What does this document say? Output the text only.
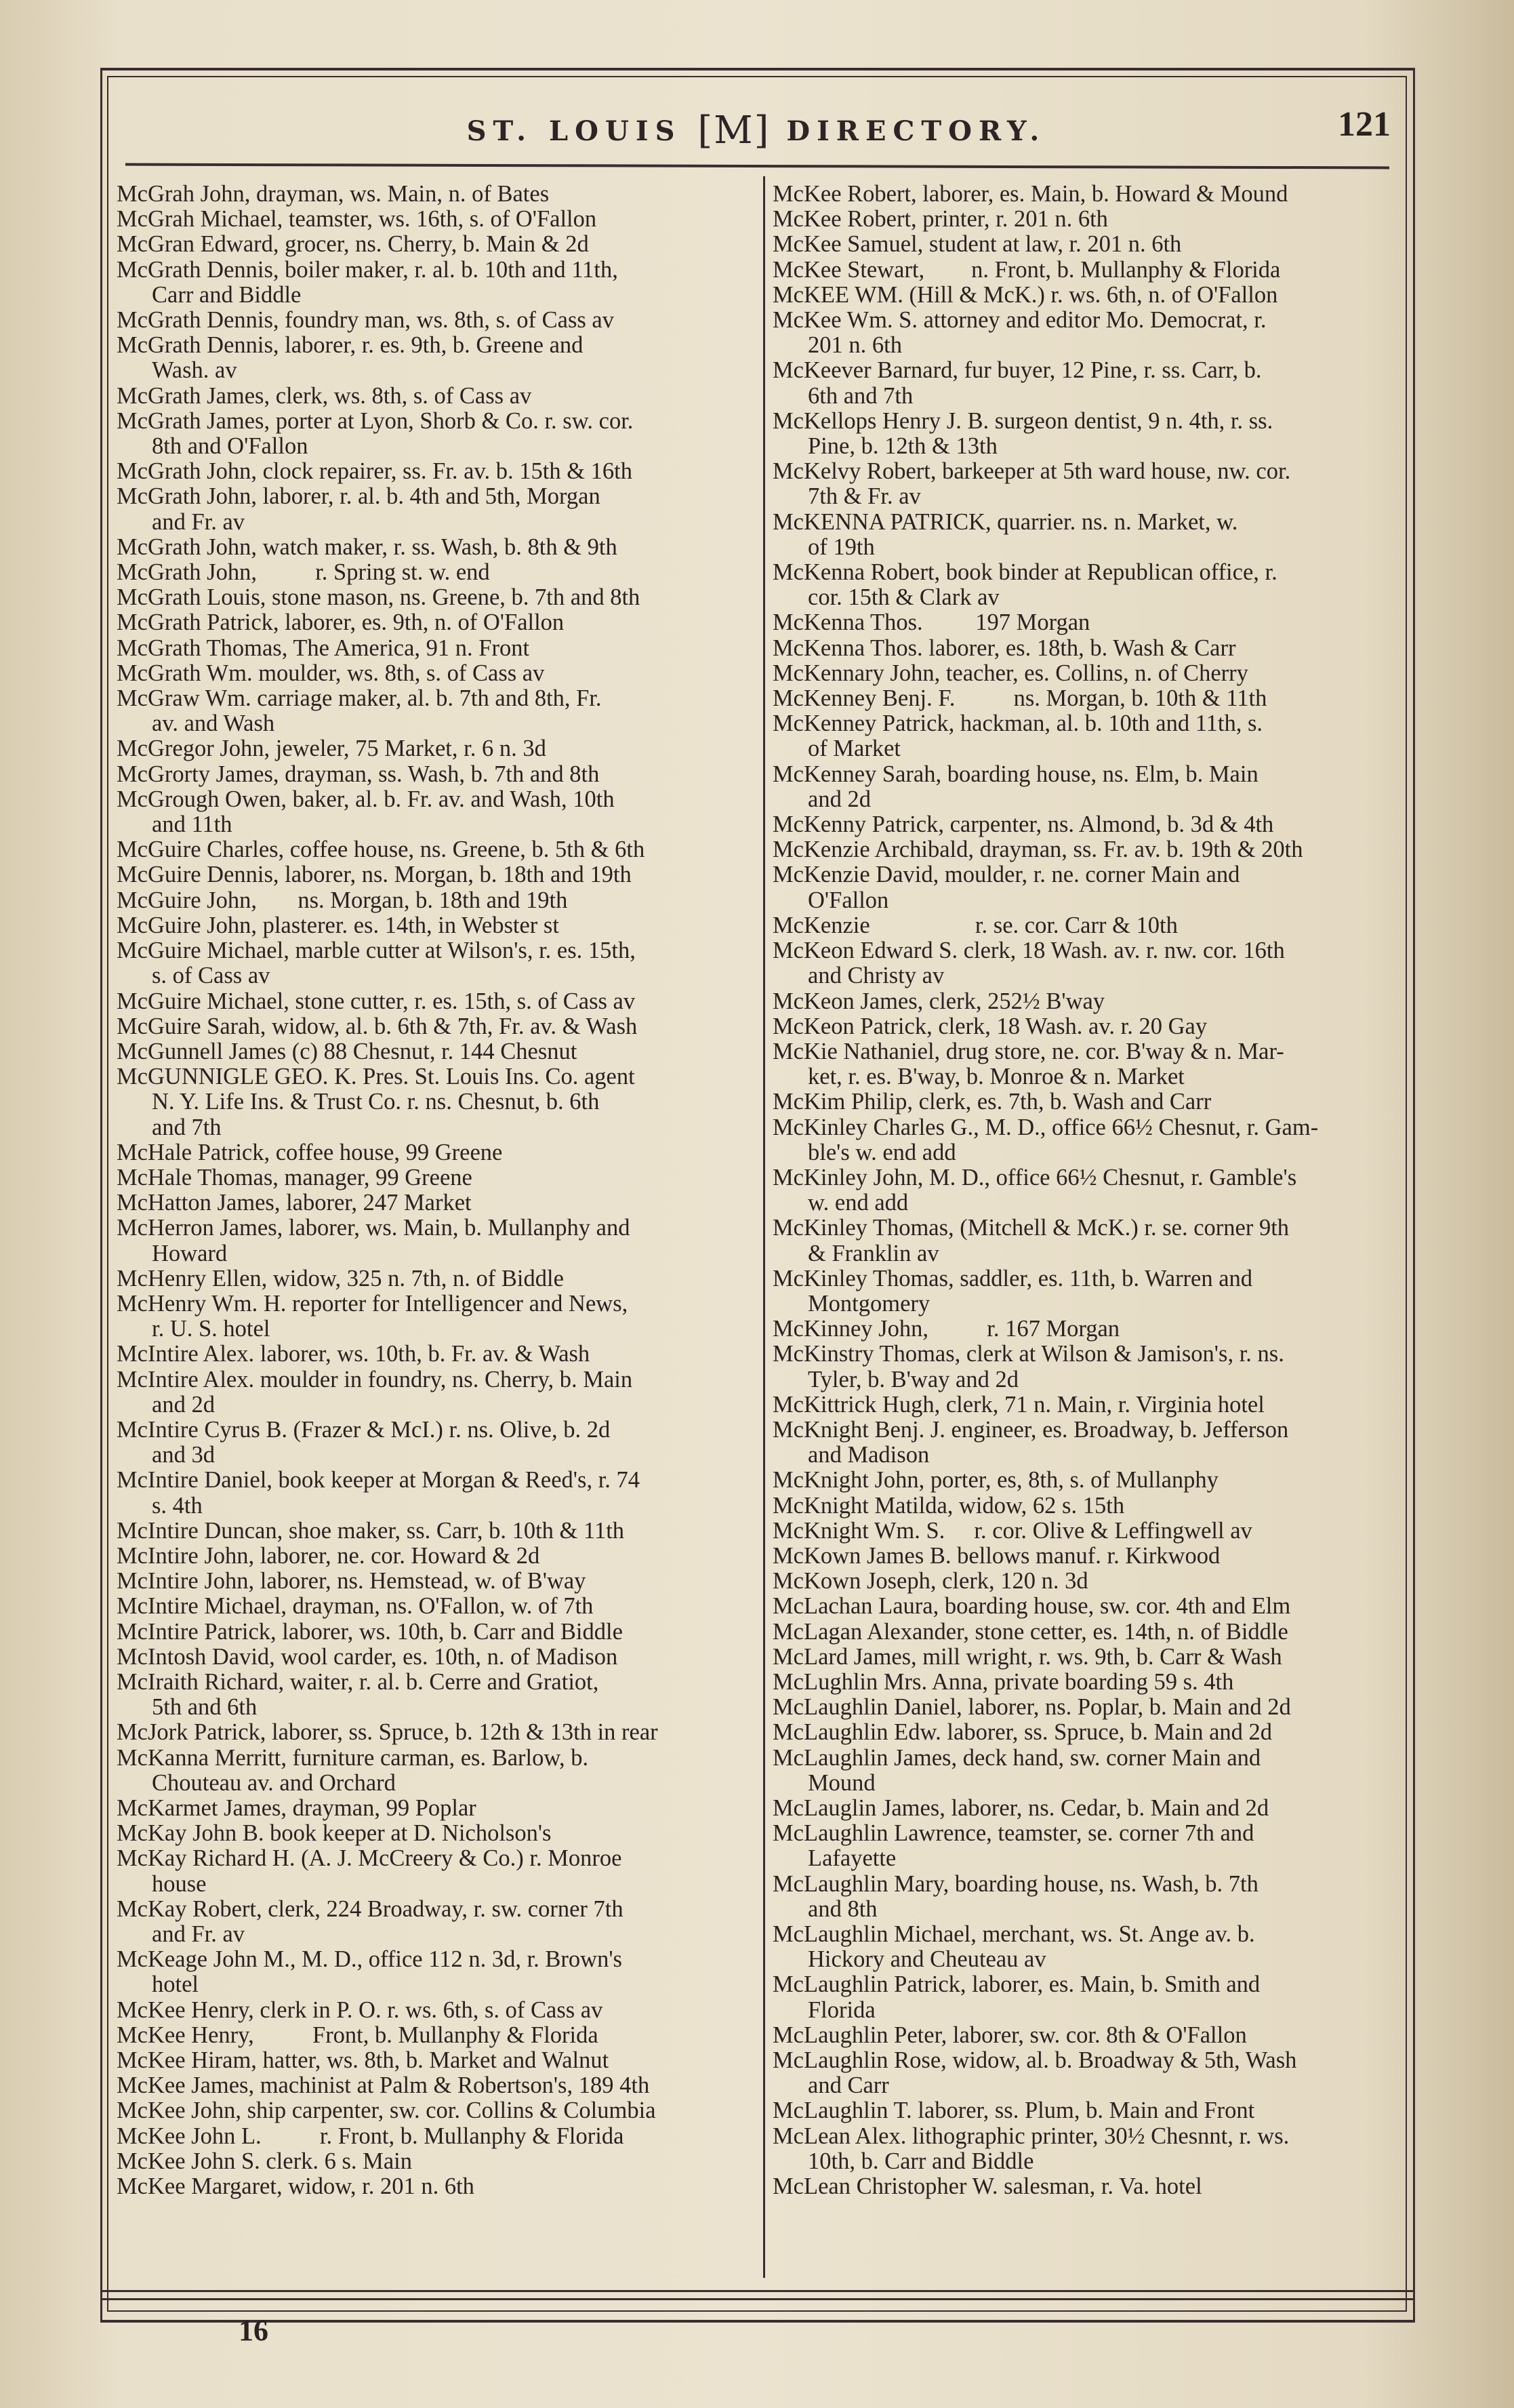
ST. LOUIS [M] DIRECTORY.	121
McGrah John, drayman, ws. Main, n. of Bates
McGrah Michael, teamster, ws. 16th, s. of O'Fallon
McGran Edward, grocer, ns. Cherry, b. Main & 2d
McGrath Dennis, boiler maker, r. al. b. 10th and 11th,
Carr and Biddle
McGrath Dennis, foundry man, ws. 8th, s. of Cass av
McGrath Dennis, laborer, r. es. 9th, b. Greene and
Wash. av
McGrath James, clerk, ws. 8th, s. of Cass av
McGrath James, porter at Lyon, Shorb & Co. r. sw. cor.
8th and O'Fallon
McGrath John, clock repairer, ss. Fr. av. b. 15th & 16th
McGrath John, laborer, r. al. b. 4th and 5th, Morgan
and Fr. av
McGrath John, watch maker, r. ss. Wash, b. 8th & 9th
McGrath John,          r. Spring st. w. end
McGrath Louis, stone mason, ns. Greene, b. 7th and 8th
McGrath Patrick, laborer, es. 9th, n. of O'Fallon
McGrath Thomas, The America, 91 n. Front
McGrath Wm. moulder, ws. 8th, s. of Cass av
McGraw Wm. carriage maker, al. b. 7th and 8th, Fr.
av. and Wash
McGregor John, jeweler, 75 Market, r. 6 n. 3d
McGrorty James, drayman, ss. Wash, b. 7th and 8th
McGrough Owen, baker, al. b. Fr. av. and Wash, 10th
and 11th
McGuire Charles, coffee house, ns. Greene, b. 5th & 6th
McGuire Dennis, laborer, ns. Morgan, b. 18th and 19th
McGuire John,       ns. Morgan, b. 18th and 19th
McGuire John, plasterer. es. 14th, in Webster st
McGuire Michael, marble cutter at Wilson's, r. es. 15th,
s. of Cass av
McGuire Michael, stone cutter, r. es. 15th, s. of Cass av
McGuire Sarah, widow, al. b. 6th & 7th, Fr. av. & Wash
McGunnell James (c) 88 Chesnut, r. 144 Chesnut
McGUNNIGLE GEO. K. Pres. St. Louis Ins. Co. agent
N. Y. Life Ins. & Trust Co. r. ns. Chesnut, b. 6th
and 7th
McHale Patrick, coffee house, 99 Greene
McHale Thomas, manager, 99 Greene
McHatton James, laborer, 247 Market
McHerron James, laborer, ws. Main, b. Mullanphy and
Howard
McHenry Ellen, widow, 325 n. 7th, n. of Biddle
McHenry Wm. H. reporter for Intelligencer and News,
r. U. S. hotel
McIntire Alex. laborer, ws. 10th, b. Fr. av. & Wash
McIntire Alex. moulder in foundry, ns. Cherry, b. Main
and 2d
McIntire Cyrus B. (Frazer & McI.) r. ns. Olive, b. 2d
and 3d
McIntire Daniel, book keeper at Morgan & Reed's, r. 74
s. 4th
McIntire Duncan, shoe maker, ss. Carr, b. 10th & 11th
McIntire John, laborer, ne. cor. Howard & 2d
McIntire John, laborer, ns. Hemstead, w. of B'way
McIntire Michael, drayman, ns. O'Fallon, w. of 7th
McIntire Patrick, laborer, ws. 10th, b. Carr and Biddle
McIntosh David, wool carder, es. 10th, n. of Madison
McIraith Richard, waiter, r. al. b. Cerre and Gratiot,
5th and 6th
McJork Patrick, laborer, ss. Spruce, b. 12th & 13th in rear
McKanna Merritt, furniture carman, es. Barlow, b.
Chouteau av. and Orchard
McKarmet James, drayman, 99 Poplar
McKay John B. book keeper at D. Nicholson's
McKay Richard H. (A. J. McCreery & Co.) r. Monroe
house
McKay Robert, clerk, 224 Broadway, r. sw. corner 7th
and Fr. av
McKeage John M., M. D., office 112 n. 3d, r. Brown's
hotel
McKee Henry, clerk in P. O. r. ws. 6th, s. of Cass av
McKee Henry,          Front, b. Mullanphy & Florida
McKee Hiram, hatter, ws. 8th, b. Market and Walnut
McKee James, machinist at Palm & Robertson's, 189 4th
McKee John, ship carpenter, sw. cor. Collins & Columbia
McKee John L.          r. Front, b. Mullanphy & Florida
McKee John S. clerk. 6 s. Main
McKee Margaret, widow, r. 201 n. 6th
McKee Robert, laborer, es. Main, b. Howard & Mound
McKee Robert, printer, r. 201 n. 6th
McKee Samuel, student at law, r. 201 n. 6th
McKee Stewart,        n. Front, b. Mullanphy & Florida
McKEE WM. (Hill & McK.) r. ws. 6th, n. of O'Fallon
McKee Wm. S. attorney and editor Mo. Democrat, r.
201 n. 6th
McKeever Barnard, fur buyer, 12 Pine, r. ss. Carr, b.
6th and 7th
McKellops Henry J. B. surgeon dentist, 9 n. 4th, r. ss.
Pine, b. 12th & 13th
McKelvy Robert, barkeeper at 5th ward house, nw. cor.
7th & Fr. av
McKENNA PATRICK, quarrier. ns. n. Market, w.
of 19th
McKenna Robert, book binder at Republican office, r.
cor. 15th & Clark av
McKenna Thos.         197 Morgan
McKenna Thos. laborer, es. 18th, b. Wash & Carr
McKennary John, teacher, es. Collins, n. of Cherry
McKenney Benj. F.          ns. Morgan, b. 10th & 11th
McKenney Patrick, hackman, al. b. 10th and 11th, s.
of Market
McKenney Sarah, boarding house, ns. Elm, b. Main
and 2d
McKenny Patrick, carpenter, ns. Almond, b. 3d & 4th
McKenzie Archibald, drayman, ss. Fr. av. b. 19th & 20th
McKenzie David, moulder, r. ne. corner Main and
O'Fallon
McKenzie                  r. se. cor. Carr & 10th
McKeon Edward S. clerk, 18 Wash. av. r. nw. cor. 16th
and Christy av
McKeon James, clerk, 252½ B'way
McKeon Patrick, clerk, 18 Wash. av. r. 20 Gay
McKie Nathaniel, drug store, ne. cor. B'way & n. Mar-
ket, r. es. B'way, b. Monroe & n. Market
McKim Philip, clerk, es. 7th, b. Wash and Carr
McKinley Charles G., M. D., office 66½ Chesnut, r. Gam-
ble's w. end add
McKinley John, M. D., office 66½ Chesnut, r. Gamble's
w. end add
McKinley Thomas, (Mitchell & McK.) r. se. corner 9th
& Franklin av
McKinley Thomas, saddler, es. 11th, b. Warren and
Montgomery
McKinney John,          r. 167 Morgan
McKinstry Thomas, clerk at Wilson & Jamison's, r. ns.
Tyler, b. B'way and 2d
McKittrick Hugh, clerk, 71 n. Main, r. Virginia hotel
McKnight Benj. J. engineer, es. Broadway, b. Jefferson
and Madison
McKnight John, porter, es, 8th, s. of Mullanphy
McKnight Matilda, widow, 62 s. 15th
McKnight Wm. S.     r. cor. Olive & Leffingwell av
McKown James B. bellows manuf. r. Kirkwood
McKown Joseph, clerk, 120 n. 3d
McLachan Laura, boarding house, sw. cor. 4th and Elm
McLagan Alexander, stone cetter, es. 14th, n. of Biddle
McLard James, mill wright, r. ws. 9th, b. Carr & Wash
McLughlin Mrs. Anna, private boarding 59 s. 4th
McLaughlin Daniel, laborer, ns. Poplar, b. Main and 2d
McLaughlin Edw. laborer, ss. Spruce, b. Main and 2d
McLaughlin James, deck hand, sw. corner Main and
Mound
McLauglin James, laborer, ns. Cedar, b. Main and 2d
McLaughlin Lawrence, teamster, se. corner 7th and
Lafayette
McLaughlin Mary, boarding house, ns. Wash, b. 7th
and 8th
McLaughlin Michael, merchant, ws. St. Ange av. b.
Hickory and Cheuteau av
McLaughlin Patrick, laborer, es. Main, b. Smith and
Florida
McLaughlin Peter, laborer, sw. cor. 8th & O'Fallon
McLaughlin Rose, widow, al. b. Broadway & 5th, Wash
and Carr
McLaughlin T. laborer, ss. Plum, b. Main and Front
McLean Alex. lithographic printer, 30½ Chesnnt, r. ws.
10th, b. Carr and Biddle
McLean Christopher W. salesman, r. Va. hotel
16
